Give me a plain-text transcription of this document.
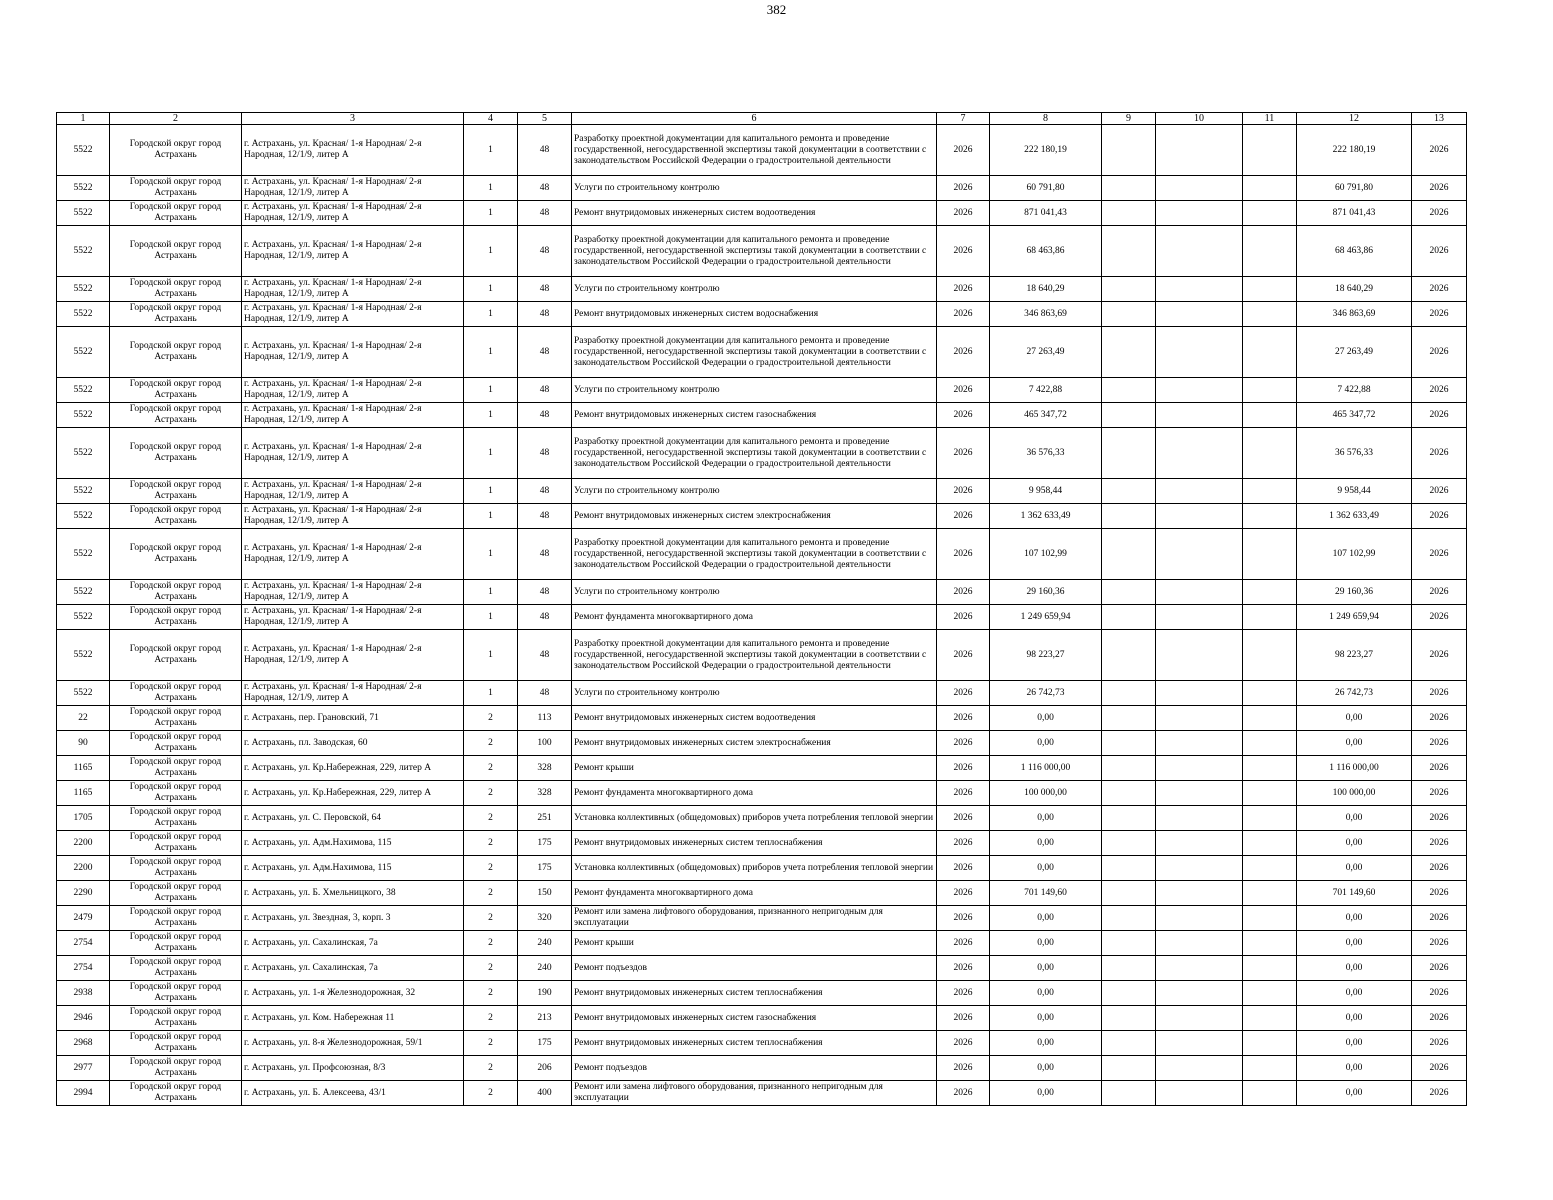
382
1	2	3	4	5	6	7	8	9	10	11	12	13
5522	Городской округ город Астрахань	г. Астрахань, ул. Красная/ 1-я Народная/ 2-я Народная, 12/1/9, литер А	1	48	Разработку проектной документации для капитального ремонта и проведение государственной, негосударственной экспертизы такой документации в соответствии с законодательством Российской Федерации о градостроительной деятельности	2026	222 180,19				222 180,19	2026
5522	Городской округ город Астрахань	г. Астрахань, ул. Красная/ 1-я Народная/ 2-я Народная, 12/1/9, литер А	1	48	Услуги по строительному контролю	2026	60 791,80				60 791,80	2026
5522	Городской округ город Астрахань	г. Астрахань, ул. Красная/ 1-я Народная/ 2-я Народная, 12/1/9, литер А	1	48	Ремонт внутридомовых инженерных систем водоотведения	2026	871 041,43				871 041,43	2026
5522	Городской округ город Астрахань	г. Астрахань, ул. Красная/ 1-я Народная/ 2-я Народная, 12/1/9, литер А	1	48	Разработку проектной документации для капитального ремонта и проведение государственной, негосударственной экспертизы такой документации в соответствии с законодательством Российской Федерации о градостроительной деятельности	2026	68 463,86				68 463,86	2026
5522	Городской округ город Астрахань	г. Астрахань, ул. Красная/ 1-я Народная/ 2-я Народная, 12/1/9, литер А	1	48	Услуги по строительному контролю	2026	18 640,29				18 640,29	2026
5522	Городской округ город Астрахань	г. Астрахань, ул. Красная/ 1-я Народная/ 2-я Народная, 12/1/9, литер А	1	48	Ремонт внутридомовых инженерных систем водоснабжения	2026	346 863,69				346 863,69	2026
5522	Городской округ город Астрахань	г. Астрахань, ул. Красная/ 1-я Народная/ 2-я Народная, 12/1/9, литер А	1	48	Разработку проектной документации для капитального ремонта и проведение государственной, негосударственной экспертизы такой документации в соответствии с законодательством Российской Федерации о градостроительной деятельности	2026	27 263,49				27 263,49	2026
5522	Городской округ город Астрахань	г. Астрахань, ул. Красная/ 1-я Народная/ 2-я Народная, 12/1/9, литер А	1	48	Услуги по строительному контролю	2026	7 422,88				7 422,88	2026
5522	Городской округ город Астрахань	г. Астрахань, ул. Красная/ 1-я Народная/ 2-я Народная, 12/1/9, литер А	1	48	Ремонт внутридомовых инженерных систем газоснабжения	2026	465 347,72				465 347,72	2026
5522	Городской округ город Астрахань	г. Астрахань, ул. Красная/ 1-я Народная/ 2-я Народная, 12/1/9, литер А	1	48	Разработку проектной документации для капитального ремонта и проведение государственной, негосударственной экспертизы такой документации в соответствии с законодательством Российской Федерации о градостроительной деятельности	2026	36 576,33				36 576,33	2026
5522	Городской округ город Астрахань	г. Астрахань, ул. Красная/ 1-я Народная/ 2-я Народная, 12/1/9, литер А	1	48	Услуги по строительному контролю	2026	9 958,44				9 958,44	2026
5522	Городской округ город Астрахань	г. Астрахань, ул. Красная/ 1-я Народная/ 2-я Народная, 12/1/9, литер А	1	48	Ремонт внутридомовых инженерных систем электроснабжения	2026	1 362 633,49				1 362 633,49	2026
5522	Городской округ город Астрахань	г. Астрахань, ул. Красная/ 1-я Народная/ 2-я Народная, 12/1/9, литер А	1	48	Разработку проектной документации для капитального ремонта и проведение государственной, негосударственной экспертизы такой документации в соответствии с законодательством Российской Федерации о градостроительной деятельности	2026	107 102,99				107 102,99	2026
5522	Городской округ город Астрахань	г. Астрахань, ул. Красная/ 1-я Народная/ 2-я Народная, 12/1/9, литер А	1	48	Услуги по строительному контролю	2026	29 160,36				29 160,36	2026
5522	Городской округ город Астрахань	г. Астрахань, ул. Красная/ 1-я Народная/ 2-я Народная, 12/1/9, литер А	1	48	Ремонт фундамента многоквартирного дома	2026	1 249 659,94				1 249 659,94	2026
5522	Городской округ город Астрахань	г. Астрахань, ул. Красная/ 1-я Народная/ 2-я Народная, 12/1/9, литер А	1	48	Разработку проектной документации для капитального ремонта и проведение государственной, негосударственной экспертизы такой документации в соответствии с законодательством Российской Федерации о градостроительной деятельности	2026	98 223,27				98 223,27	2026
5522	Городской округ город Астрахань	г. Астрахань, ул. Красная/ 1-я Народная/ 2-я Народная, 12/1/9, литер А	1	48	Услуги по строительному контролю	2026	26 742,73				26 742,73	2026
22	Городской округ город Астрахань	г. Астрахань, пер. Грановский, 71	2	113	Ремонт внутридомовых инженерных систем водоотведения	2026	0,00				0,00	2026
90	Городской округ город Астрахань	г. Астрахань, пл. Заводская, 60	2	100	Ремонт внутридомовых инженерных систем электроснабжения	2026	0,00				0,00	2026
1165	Городской округ город Астрахань	г. Астрахань, ул. Кр.Набережная, 229, литер А	2	328	Ремонт крыши	2026	1 116 000,00				1 116 000,00	2026
1165	Городской округ город Астрахань	г. Астрахань, ул. Кр.Набережная, 229, литер А	2	328	Ремонт фундамента многоквартирного дома	2026	100 000,00				100 000,00	2026
1705	Городской округ город Астрахань	г. Астрахань, ул. С. Перовской, 64	2	251	Установка коллективных (общедомовых) приборов учета потребления тепловой энергии	2026	0,00				0,00	2026
2200	Городской округ город Астрахань	г. Астрахань, ул. Адм.Нахимова, 115	2	175	Ремонт внутридомовых инженерных систем теплоснабжения	2026	0,00				0,00	2026
2200	Городской округ город Астрахань	г. Астрахань, ул. Адм.Нахимова, 115	2	175	Установка коллективных (общедомовых) приборов учета потребления тепловой энергии	2026	0,00				0,00	2026
2290	Городской округ город Астрахань	г. Астрахань, ул. Б. Хмельницкого, 38	2	150	Ремонт фундамента многоквартирного дома	2026	701 149,60				701 149,60	2026
2479	Городской округ город Астрахань	г. Астрахань, ул. Звездная, 3, корп. 3	2	320	Ремонт или замена лифтового оборудования, признанного непригодным для эксплуатации	2026	0,00				0,00	2026
2754	Городской округ город Астрахань	г. Астрахань, ул. Сахалинская, 7а	2	240	Ремонт крыши	2026	0,00				0,00	2026
2754	Городской округ город Астрахань	г. Астрахань, ул. Сахалинская, 7а	2	240	Ремонт подъездов	2026	0,00				0,00	2026
2938	Городской округ город Астрахань	г. Астрахань, ул. 1-я Железнодорожная, 32	2	190	Ремонт внутридомовых инженерных систем теплоснабжения	2026	0,00				0,00	2026
2946	Городской округ город Астрахань	г. Астрахань, ул. Ком. Набережная 11	2	213	Ремонт внутридомовых инженерных систем газоснабжения	2026	0,00				0,00	2026
2968	Городской округ город Астрахань	г. Астрахань, ул. 8-я Железнодорожная, 59/1	2	175	Ремонт внутридомовых инженерных систем теплоснабжения	2026	0,00				0,00	2026
2977	Городской округ город Астрахань	г. Астрахань, ул. Профсоюзная, 8/3	2	206	Ремонт подъездов	2026	0,00				0,00	2026
2994	Городской округ город Астрахань	г. Астрахань, ул. Б. Алексеева, 43/1	2	400	Ремонт или замена лифтового оборудования, признанного непригодным для эксплуатации	2026	0,00				0,00	2026
